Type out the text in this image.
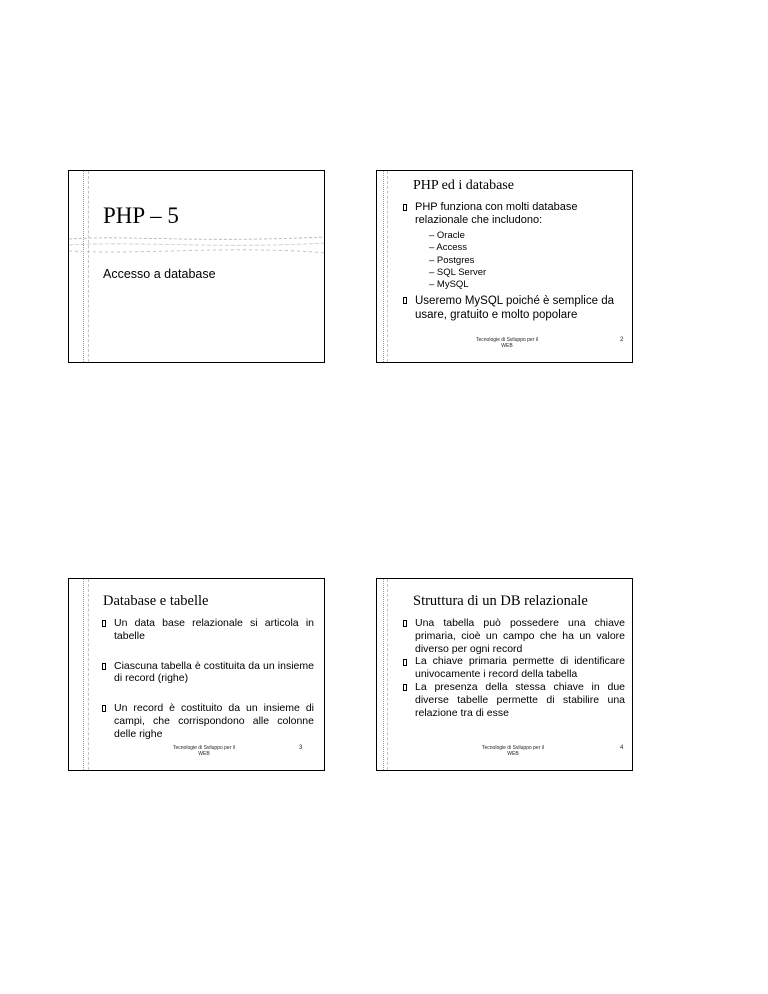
PHP – 5
Accesso a database
PHP ed i database
PHP funziona con molti database relazionale che includono:
– Oracle
– Access
– Postgres
– SQL Server
– MySQL
Useremo MySQL poiché è semplice da usare, gratuito e molto popolare
Tecnologie di Sviluppo per il
WEB
2
Database e tabelle
Un data base relazionale si articola in tabelle
Ciascuna tabella è costituita da un insieme di record (righe)
Un record è costituito da un insieme di campi, che corrispondono alle colonne delle righe
Tecnologie di Sviluppo per il
WEB
3
Struttura di un DB relazionale
Una tabella può possedere una chiave primaria, cioè un campo che ha un valore diverso per ogni record
La chiave primaria permette di identificare univocamente i record della tabella
La presenza della stessa chiave in due diverse tabelle permette di stabilire una relazione tra di esse
Tecnologie di Sviluppo per il
WEB
4
